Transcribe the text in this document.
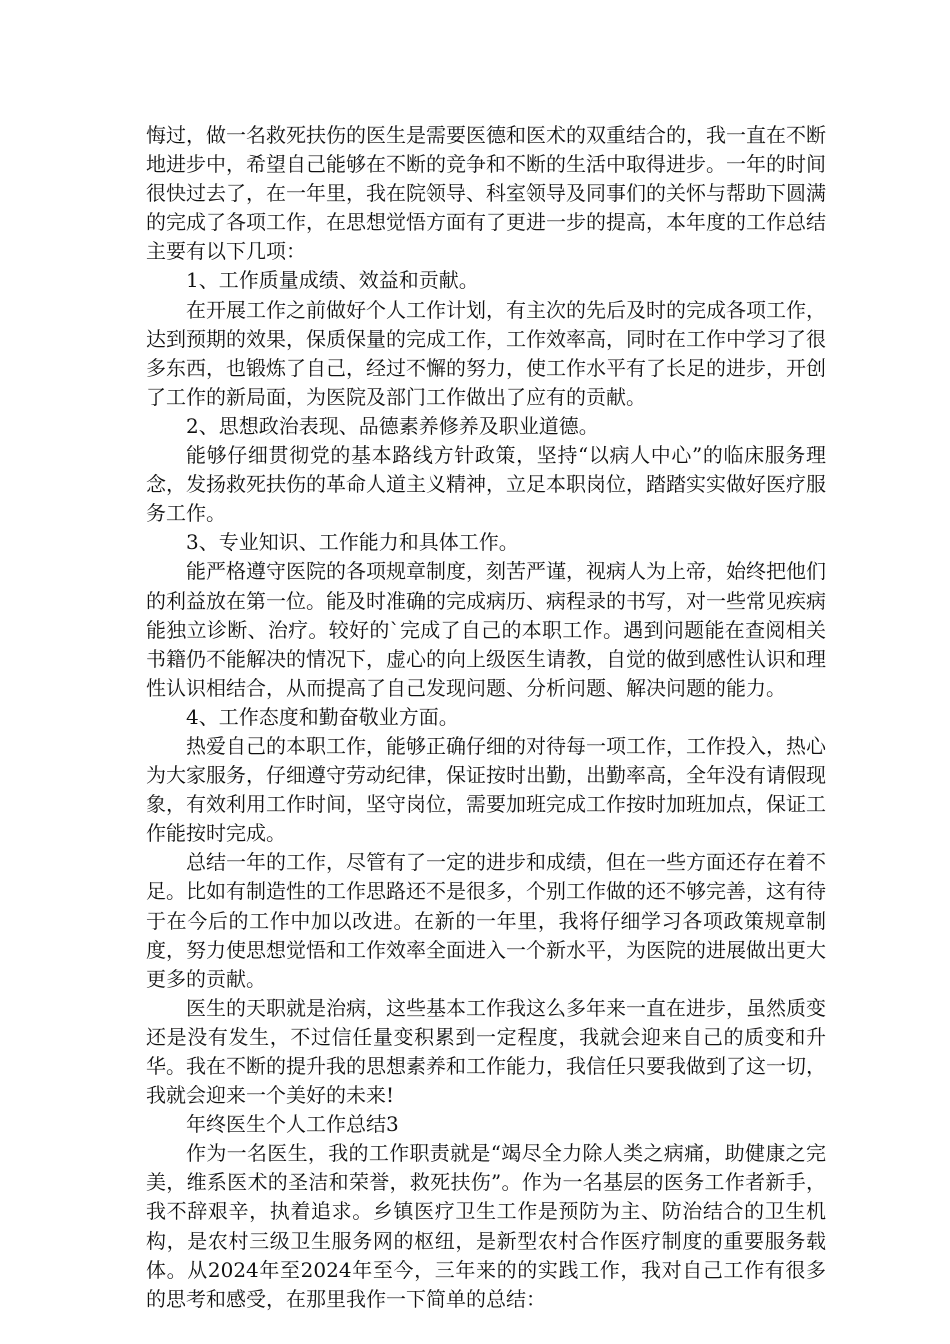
悔过，做一名救死扶伤的医生是需要医德和医术的双重结合的，我一直在不断地进步中，希望自己能够在不断的竞争和不断的生活中取得进步。一年的时间很快过去了，在一年里，我在院领导、科室领导及同事们的关怀与帮助下圆满的完成了各项工作，在思想觉悟方面有了更进一步的提高，本年度的工作总结主要有以下几项：

1、工作质量成绩、效益和贡献。

在开展工作之前做好个人工作计划，有主次的先后及时的完成各项工作，达到预期的效果，保质保量的完成工作，工作效率高，同时在工作中学习了很多东西，也锻炼了自己，经过不懈的努力，使工作水平有了长足的进步，开创了工作的新局面，为医院及部门工作做出了应有的贡献。

2、思想政治表现、品德素养修养及职业道德。

能够仔细贯彻党的基本路线方针政策，坚持“以病人中心”的临床服务理念，发扬救死扶伤的革命人道主义精神，立足本职岗位，踏踏实实做好医疗服务工作。

3、专业知识、工作能力和具体工作。

能严格遵守医院的各项规章制度，刻苦严谨，视病人为上帝，始终把他们的利益放在第一位。能及时准确的完成病历、病程录的书写，对一些常见疾病能独立诊断、治疗。较好的`完成了自己的本职工作。遇到问题能在查阅相关书籍仍不能解决的情况下，虚心的向上级医生请教，自觉的做到感性认识和理性认识相结合，从而提高了自己发现问题、分析问题、解决问题的能力。

4、工作态度和勤奋敬业方面。

热爱自己的本职工作，能够正确仔细的对待每一项工作，工作投入，热心为大家服务，仔细遵守劳动纪律，保证按时出勤，出勤率高，全年没有请假现象，有效利用工作时间，坚守岗位，需要加班完成工作按时加班加点，保证工作能按时完成。

总结一年的工作，尽管有了一定的进步和成绩，但在一些方面还存在着不足。比如有制造性的工作思路还不是很多，个别工作做的还不够完善，这有待于在今后的工作中加以改进。在新的一年里，我将仔细学习各项政策规章制度，努力使思想觉悟和工作效率全面进入一个新水平，为医院的进展做出更大更多的贡献。

医生的天职就是治病，这些基本工作我这么多年来一直在进步，虽然质变还是没有发生，不过信任量变积累到一定程度，我就会迎来自己的质变和升华。我在不断的提升我的思想素养和工作能力，我信任只要我做到了这一切，我就会迎来一个美好的未来!

年终医生个人工作总结3

作为一名医生，我的工作职责就是“竭尽全力除人类之病痛，助健康之完美，维系医术的圣洁和荣誉，救死扶伤”。作为一名基层的医务工作者新手，我不辞艰辛，执着追求。乡镇医疗卫生工作是预防为主、防治结合的卫生机构，是农村三级卫生服务网的枢纽，是新型农村合作医疗制度的重要服务载体。从2024年至2024年至今，三年来的的实践工作，我对自己工作有很多的思考和感受，在那里我作一下简单的总结：
